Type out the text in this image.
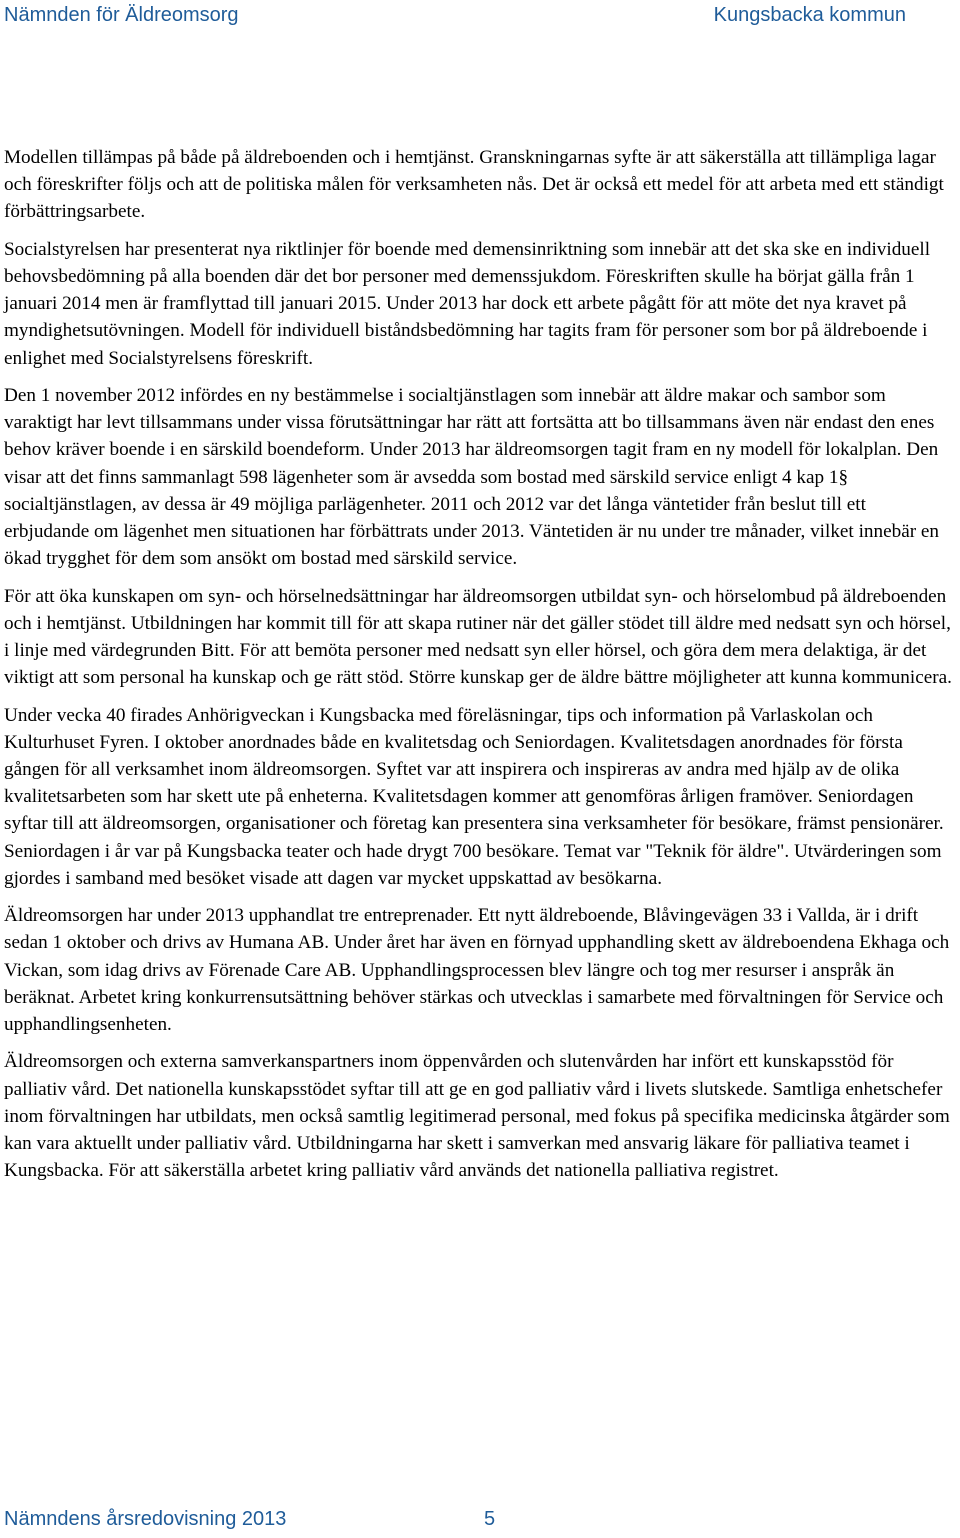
Nämnden för Äldreomsorg	Kungsbacka kommun

Modellen tillämpas på både på äldreboenden och i hemtjänst. Granskningarnas syfte är att säkerställa att tillämpliga lagar och föreskrifter följs och att de politiska målen för verksamheten nås. Det är också ett medel för att arbeta med ett ständigt förbättringsarbete.

Socialstyrelsen har presenterat nya riktlinjer för boende med demensinriktning som innebär att det ska ske en individuell behovsbedömning på alla boenden där det bor personer med demenssjukdom. Föreskriften skulle ha börjat gälla från 1 januari 2014 men är framflyttad till januari 2015. Under 2013 har dock ett arbete pågått för att möte det nya kravet på myndighetsutövningen. Modell för individuell biståndsbedömning har tagits fram för personer som bor på äldreboende i enlighet med Socialstyrelsens föreskrift.

Den 1 november 2012 infördes en ny bestämmelse i socialtjänstlagen som innebär att äldre makar och sambor som varaktigt har levt tillsammans under vissa förutsättningar har rätt att fortsätta att bo tillsammans även när endast den enes behov kräver boende i en särskild boendeform. Under 2013 har äldreomsorgen tagit fram en ny modell för lokalplan. Den visar att det finns sammanlagt 598 lägenheter som är avsedda som bostad med särskild service enligt 4 kap 1§ socialtjänstlagen, av dessa är 49 möjliga parlägenheter. 2011 och 2012 var det långa väntetider från beslut till ett erbjudande om lägenhet men situationen har förbättrats under 2013. Väntetiden är nu under tre månader, vilket innebär en ökad trygghet för dem som ansökt om bostad med särskild service.

För att öka kunskapen om syn- och hörselnedsättningar har äldreomsorgen utbildat syn- och hörselombud på äldreboenden och i hemtjänst. Utbildningen har kommit till för att skapa rutiner när det gäller stödet till äldre med nedsatt syn och hörsel, i linje med värdegrunden Bitt. För att bemöta personer med nedsatt syn eller hörsel, och göra dem mera delaktiga, är det viktigt att som personal ha kunskap och ge rätt stöd. Större kunskap ger de äldre bättre möjligheter att kunna kommunicera.

Under vecka 40 firades Anhörigveckan i Kungsbacka med föreläsningar, tips och information på Varlaskolan och Kulturhuset Fyren. I oktober anordnades både en kvalitetsdag och Seniordagen. Kvalitetsdagen anordnades för första gången för all verksamhet inom äldreomsorgen. Syftet var att inspirera och inspireras av andra med hjälp av de olika kvalitetsarbeten som har skett ute på enheterna. Kvalitetsdagen kommer att genomföras årligen framöver. Seniordagen syftar till att äldreomsorgen, organisationer och företag kan presentera sina verksamheter för besökare, främst pensionärer. Seniordagen i år var på Kungsbacka teater och hade drygt 700 besökare. Temat var "Teknik för äldre". Utvärderingen som gjordes i samband med besöket visade att dagen var mycket uppskattad av besökarna.

Äldreomsorgen har under 2013 upphandlat tre entreprenader. Ett nytt äldreboende, Blåvingevägen 33 i Vallda, är i drift sedan 1 oktober och drivs av Humana AB. Under året har även en förnyad upphandling skett av äldreboendena Ekhaga och Vickan, som idag drivs av Förenade Care AB. Upphandlingsprocessen blev längre och tog mer resurser i anspråk än beräknat. Arbetet kring konkurrensutsättning behöver stärkas och utvecklas i samarbete med förvaltningen för Service och upphandlingsenheten.

Äldreomsorgen och externa samverkanspartners inom öppenvården och slutenvården har infört ett kunskapsstöd för palliativ vård. Det nationella kunskapsstödet syftar till att ge en god palliativ vård i livets slutskede. Samtliga enhetschefer inom förvaltningen har utbildats, men också samtlig legitimerad personal, med fokus på specifika medicinska åtgärder som kan vara aktuellt under palliativ vård. Utbildningarna har skett i samverkan med ansvarig läkare för palliativa teamet i Kungsbacka. För att säkerställa arbetet kring palliativ vård används det nationella palliativa registret.

Nämndens årsredovisning 2013	5
